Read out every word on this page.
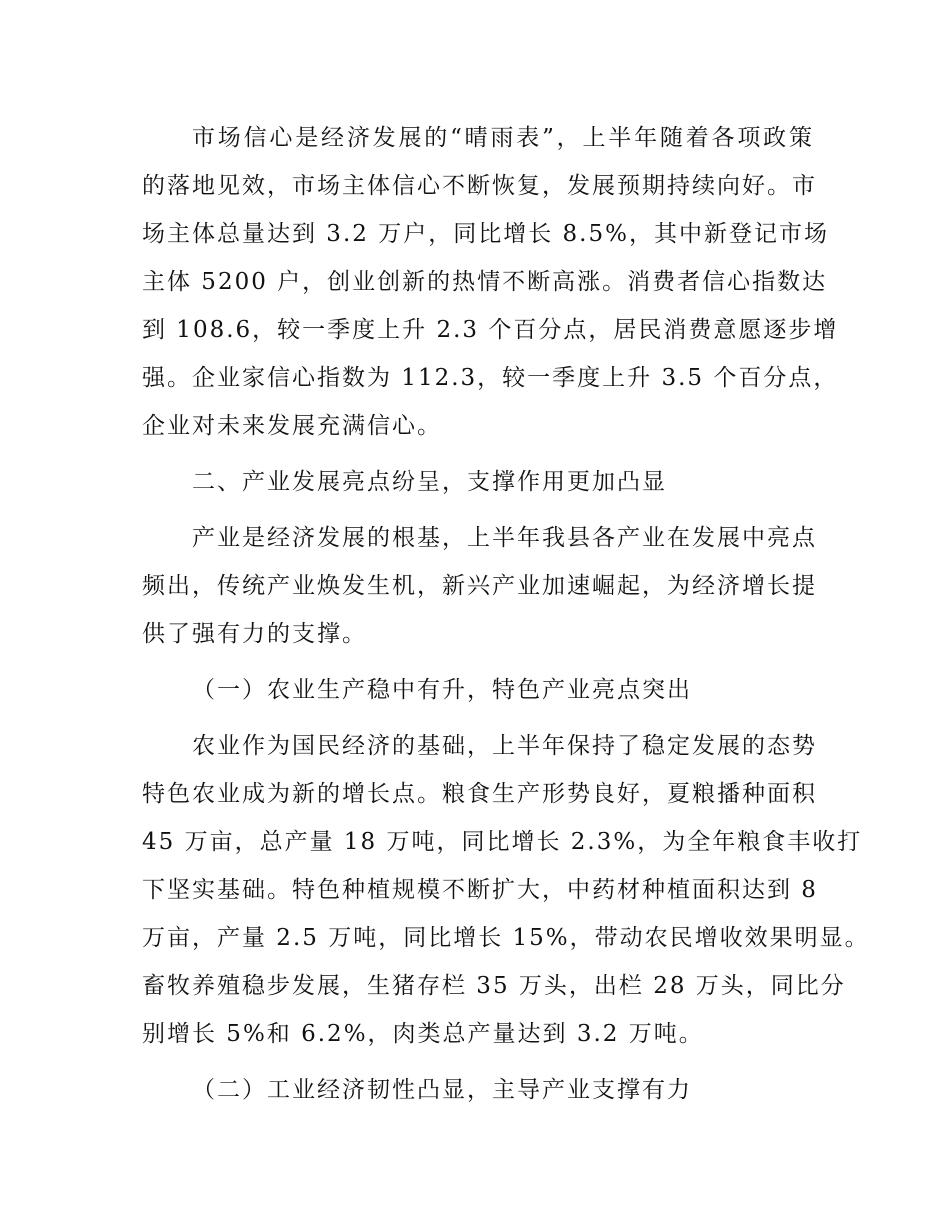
市场信心是经济发展的“晴雨表”，上半年随着各项政策
的落地见效，市场主体信心不断恢复，发展预期持续向好。市
场主体总量达到 3.2 万户，同比增长 8.5%，其中新登记市场
主体 5200 户，创业创新的热情不断高涨。消费者信心指数达
到 108.6，较一季度上升 2.3 个百分点，居民消费意愿逐步增
强。企业家信心指数为 112.3，较一季度上升 3.5 个百分点，
企业对未来发展充满信心。
二、产业发展亮点纷呈，支撑作用更加凸显
产业是经济发展的根基，上半年我县各产业在发展中亮点
频出，传统产业焕发生机，新兴产业加速崛起，为经济增长提
供了强有力的支撑。
（一）农业生产稳中有升，特色产业亮点突出
农业作为国民经济的基础，上半年保持了稳定发展的态势
特色农业成为新的增长点。粮食生产形势良好，夏粮播种面积
45 万亩，总产量 18 万吨，同比增长 2.3%，为全年粮食丰收打
下坚实基础。特色种植规模不断扩大，中药材种植面积达到 8
万亩，产量 2.5 万吨，同比增长 15%，带动农民增收效果明显。
畜牧养殖稳步发展，生猪存栏 35 万头，出栏 28 万头，同比分
别增长 5%和 6.2%，肉类总产量达到 3.2 万吨。
（二）工业经济韧性凸显，主导产业支撑有力
